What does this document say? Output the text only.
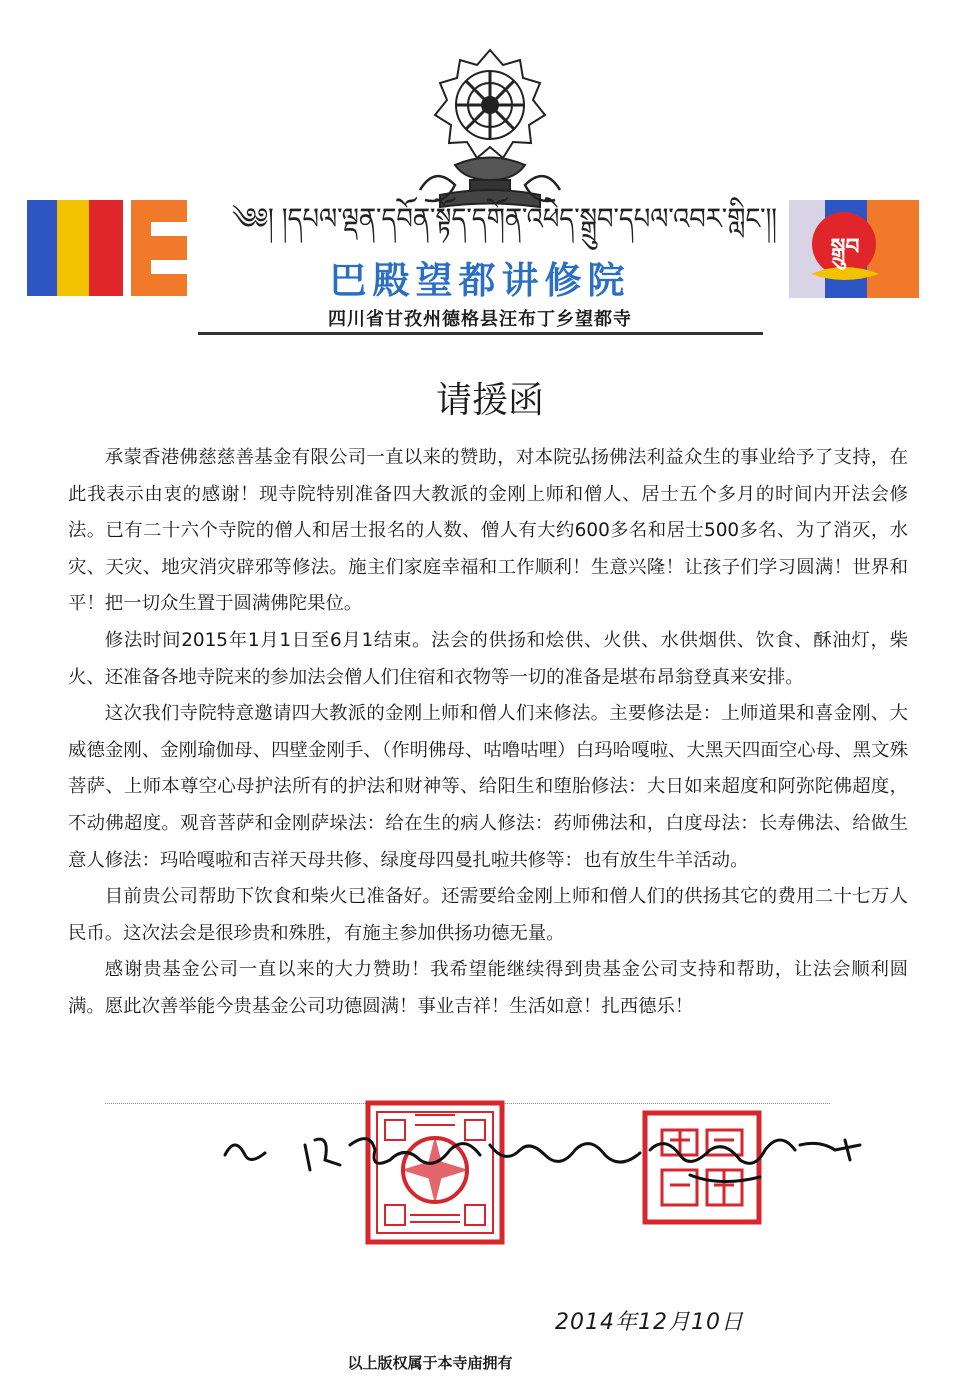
སྒྲུབ
༄༅། །དཔལ་ལྡན་དབོན་སྟོད་དགོན་འཕེད་སྒྲུབ་དཔལ་འབར་གླིང་།།
巴殿望都讲修院
四川省甘孜州德格县汪布丁乡望都寺
请援函

承蒙香港佛慈慈善基金有限公司一直以来的赞助，对本院弘扬佛法利益众生的事业给予了支持，在此我表示由衷的感谢！现寺院特别准备四大教派的金刚上师和僧人、居士五个多月的时间内开法会修法。已有二十六个寺院的僧人和居士报名的人数、僧人有大约600多名和居士500多名、为了消灭，水灾、天灾、地灾消灾辟邪等修法。施主们家庭幸福和工作顺利！生意兴隆！让孩子们学习圆满！世界和平！把一切众生置于圆满佛陀果位。

修法时间2015年1月1日至6月1结束。法会的供扬和烩供、火供、水供烟供、饮食、酥油灯，柴火、还准备各地寺院来的参加法会僧人们住宿和衣物等一切的准备是堪布昂翁登真来安排。

这次我们寺院特意邀请四大教派的金刚上师和僧人们来修法。主要修法是：上师道果和喜金刚、大威德金刚、金刚瑜伽母、四壁金刚手、（作明佛母、咕噜咕哩）白玛哈嘎啦、大黑天四面空心母、黑文殊菩萨、上师本尊空心母护法所有的护法和财神等、给阳生和堕胎修法：大日如来超度和阿弥陀佛超度，不动佛超度。观音菩萨和金刚萨垛法：给在生的病人修法：药师佛法和，白度母法：长寿佛法、给做生意人修法：玛哈嘎啦和吉祥天母共修、绿度母四曼扎啦共修等：也有放生牛羊活动。

目前贵公司帮助下饮食和柴火已准备好。还需要给金刚上师和僧人们的供扬其它的费用二十七万人民币。这次法会是很珍贵和殊胜，有施主参加供扬功德无量。

感谢贵基金公司一直以来的大力赞助！我希望能继续得到贵基金公司支持和帮助，让法会顺利圆满。愿此次善举能今贵基金公司功德圆满！事业吉祥！生活如意！扎西德乐！

2014年12月10日
以上版权属于本寺庙拥有
